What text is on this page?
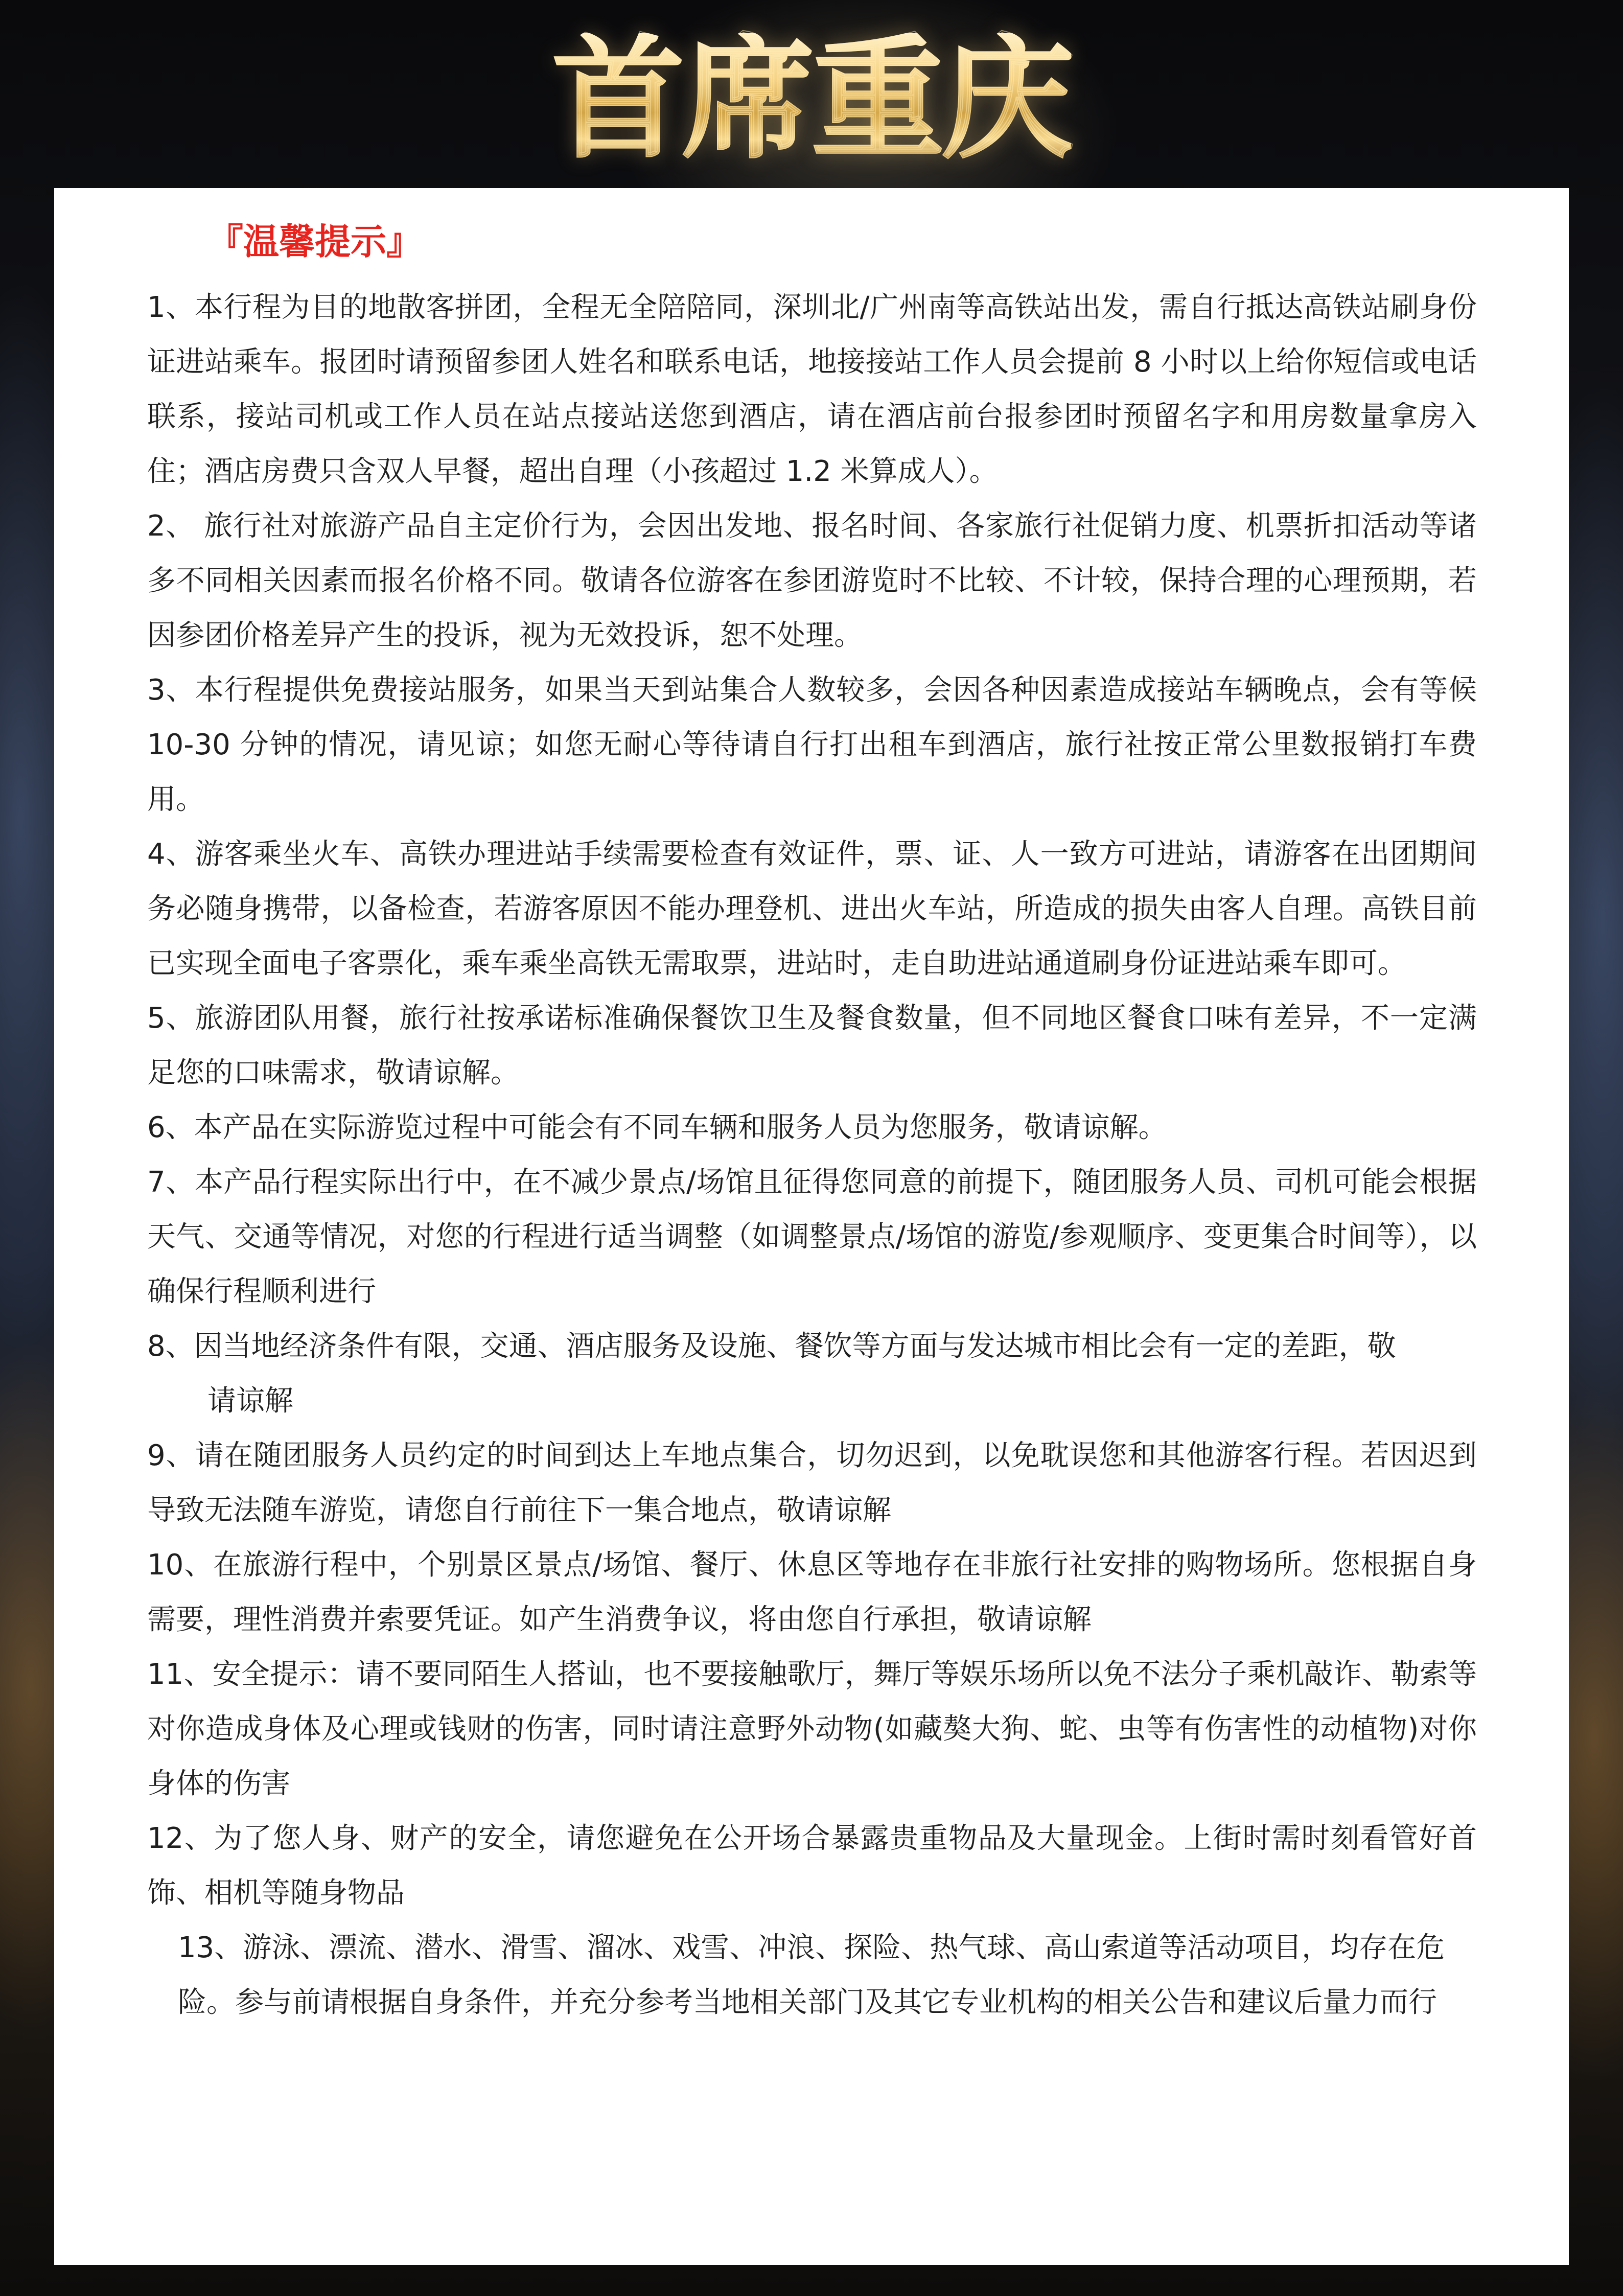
首席重庆
『温馨提示』

1、本行程为目的地散客拼团，全程无全陪陪同，深圳北/广州南等高铁站出发，需自行抵达高铁站刷身份证进站乘车。报团时请预留参团人姓名和联系电话，地接接站工作人员会提前 8 小时以上给你短信或电话联系，接站司机或工作人员在站点接站送您到酒店，请在酒店前台报参团时预留名字和用房数量拿房入住；酒店房费只含双人早餐，超出自理（小孩超过 1.2 米算成人）。

2、 旅行社对旅游产品自主定价行为，会因出发地、报名时间、各家旅行社促销力度、机票折扣活动等诸多不同相关因素而报名价格不同。敬请各位游客在参团游览时不比较、不计较，保持合理的心理预期，若因参团价格差异产生的投诉，视为无效投诉，恕不处理。

3、本行程提供免费接站服务，如果当天到站集合人数较多，会因各种因素造成接站车辆晚点，会有等候 10-30 分钟的情况，请见谅；如您无耐心等待请自行打出租车到酒店，旅行社按正常公里数报销打车费用。

4、游客乘坐火车、高铁办理进站手续需要检查有效证件，票、证、人一致方可进站，请游客在出团期间务必随身携带，以备检查，若游客原因不能办理登机、进出火车站，所造成的损失由客人自理。高铁目前已实现全面电子客票化，乘车乘坐高铁无需取票，进站时，走自助进站通道刷身份证进站乘车即可。

5、旅游团队用餐，旅行社按承诺标准确保餐饮卫生及餐食数量，但不同地区餐食口味有差异，不一定满足您的口味需求，敬请谅解。

6、本产品在实际游览过程中可能会有不同车辆和服务人员为您服务，敬请谅解。

7、本产品行程实际出行中，在不减少景点/场馆且征得您同意的前提下，随团服务人员、司机可能会根据天气、交通等情况，对您的行程进行适当调整（如调整景点/场馆的游览/参观顺序、变更集合时间等），以确保行程顺利进行

8、因当地经济条件有限，交通、酒店服务及设施、餐饮等方面与发达城市相比会有一定的差距，敬
请谅解

9、请在随团服务人员约定的时间到达上车地点集合，切勿迟到，以免耽误您和其他游客行程。若因迟到导致无法随车游览，请您自行前往下一集合地点，敬请谅解

10、在旅游行程中，个别景区景点/场馆、餐厅、休息区等地存在非旅行社安排的购物场所。您根据自身需要，理性消费并索要凭证。如产生消费争议，将由您自行承担，敬请谅解

11、安全提示：请不要同陌生人搭讪，也不要接触歌厅，舞厅等娱乐场所以免不法分子乘机敲诈、勒索等对你造成身体及心理或钱财的伤害，同时请注意野外动物(如藏獒大狗、蛇、虫等有伤害性的动植物)对你身体的伤害

12、为了您人身、财产的安全，请您避免在公开场合暴露贵重物品及大量现金。上街时需时刻看管好首饰、相机等随身物品

13、游泳、漂流、潜水、滑雪、溜冰、戏雪、冲浪、探险、热气球、高山索道等活动项目，均存在危

险。参与前请根据自身条件，并充分参考当地相关部门及其它专业机构的相关公告和建议后量力而行
